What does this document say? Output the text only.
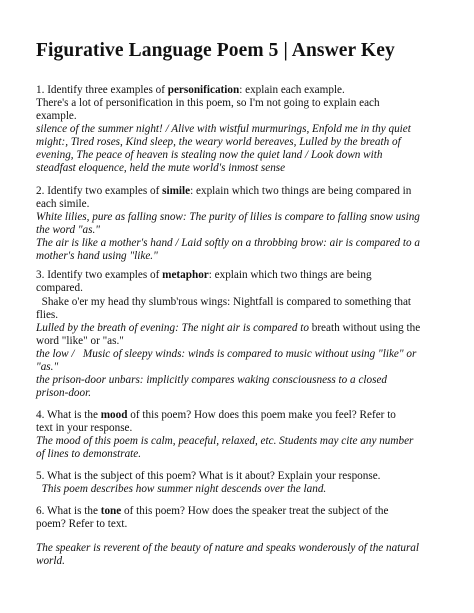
Figurative Language Poem 5 | Answer Key

1. Identify three examples of personification: explain each example.

There's a lot of personification in this poem, so I'm not going to explain each

example.

silence of the summer night! / Alive with wistful murmurings, Enfold me in thy quiet

might:, Tired roses, Kind sleep, the weary world bereaves, Lulled by the breath of

evening, The peace of heaven is stealing now the quiet land / Look down with

steadfast eloquence, held the mute world's inmost sense

2. Identify two examples of simile: explain which two things are being compared in

each simile.

White lilies, pure as falling snow: The purity of lilies is compare to falling snow using

the word "as."

The air is like a mother's hand / Laid softly on a throbbing brow: air is compared to a

mother's hand using "like."

3. Identify two examples of metaphor: explain which two things are being

compared.

Shake o'er my head thy slumb'rous wings: Nightfall is compared to something that

flies.

Lulled by the breath of evening: The night air is compared to breath without using the

word "like" or "as."

the low /   Music of sleepy winds: winds is compared to music without using "like" or

"as."

the prison-door unbars: implicitly compares waking consciousness to a closed

prison-door.

4. What is the mood of this poem? How does this poem make you feel? Refer to

text in your response.

The mood of this poem is calm, peaceful, relaxed, etc. Students may cite any number

of lines to demonstrate.

5. What is the subject of this poem? What is it about? Explain your response.

This poem describes how summer night descends over the land.

6. What is the tone of this poem? How does the speaker treat the subject of the

poem? Refer to text.

The speaker is reverent of the beauty of nature and speaks wonderously of the natural

world.
